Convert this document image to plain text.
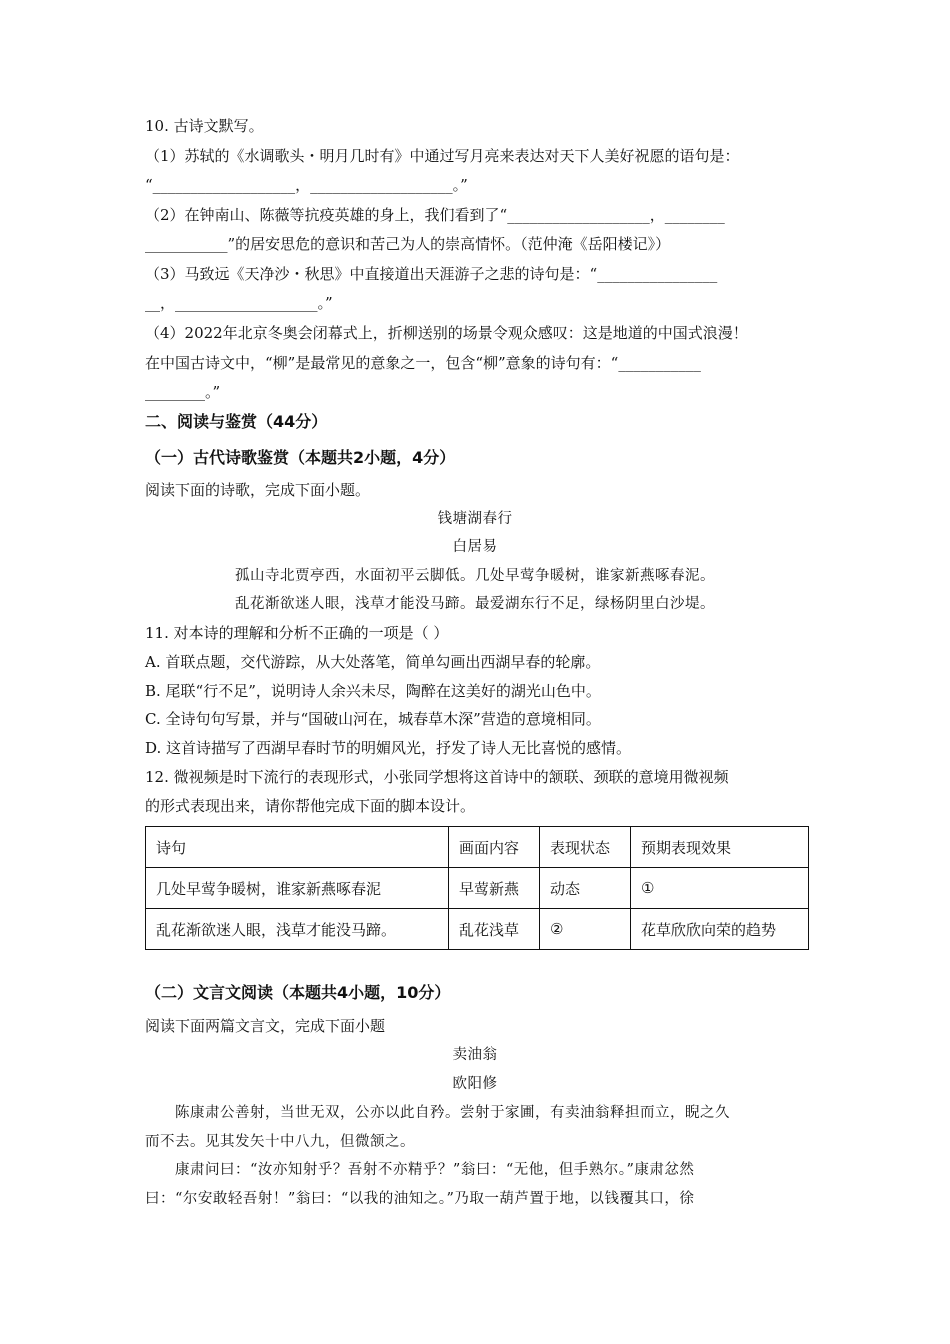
10. 古诗文默写。
（1）苏轼的《水调歌头・明月几时有》中通过写月亮来表达对天下人美好祝愿的语句是：
“___________________，___________________。”
（2）在钟南山、陈薇等抗疫英雄的身上，我们看到了“___________________，________
___________”的居安思危的意识和苦己为人的崇高情怀。（范仲淹《岳阳楼记》）
（3）马致远《天净沙・秋思》中直接道出天涯游子之悲的诗句是：“________________
__，___________________。”
（4）2022年北京冬奥会闭幕式上，折柳送别的场景令观众感叹：这是地道的中国式浪漫！
在中国古诗文中，“柳”是最常见的意象之一，包含“柳”意象的诗句有：“___________
________。”
二、阅读与鉴赏（44分）
（一）古代诗歌鉴赏（本题共2小题，4分）
阅读下面的诗歌，完成下面小题。
钱塘湖春行
白居易
孤山寺北贾亭西，水面初平云脚低。几处早莺争暖树，谁家新燕啄春泥。
乱花渐欲迷人眼，浅草才能没马蹄。最爱湖东行不足，绿杨阴里白沙堤。
11. 对本诗的理解和分析不正确的一项是（ ）
A. 首联点题，交代游踪，从大处落笔，简单勾画出西湖早春的轮廓。
B. 尾联“行不足”，说明诗人余兴未尽，陶醉在这美好的湖光山色中。
C. 全诗句句写景，并与“国破山河在，城春草木深”营造的意境相同。
D. 这首诗描写了西湖早春时节的明媚风光，抒发了诗人无比喜悦的感情。
12. 微视频是时下流行的表现形式，小张同学想将这首诗中的颔联、颈联的意境用微视频
的形式表现出来，请你帮他完成下面的脚本设计。
诗句	画面内容	表现状态	预期表现效果
几处早莺争暖树，谁家新燕啄春泥	早莺新燕	动态	①
乱花渐欲迷人眼，浅草才能没马蹄。	乱花浅草	②	花草欣欣向荣的趋势
（二）文言文阅读（本题共4小题，10分）
阅读下面两篇文言文，完成下面小题
卖油翁
欧阳修
陈康肃公善射，当世无双，公亦以此自矜。尝射于家圃，有卖油翁释担而立，睨之久
而不去。见其发矢十中八九，但微颔之。
康肃问曰：“汝亦知射乎？吾射不亦精乎？”翁曰：“无他，但手熟尔。”康肃忿然
曰：“尔安敢轻吾射！”翁曰：“以我的油知之。”乃取一葫芦置于地，以钱覆其口，徐
